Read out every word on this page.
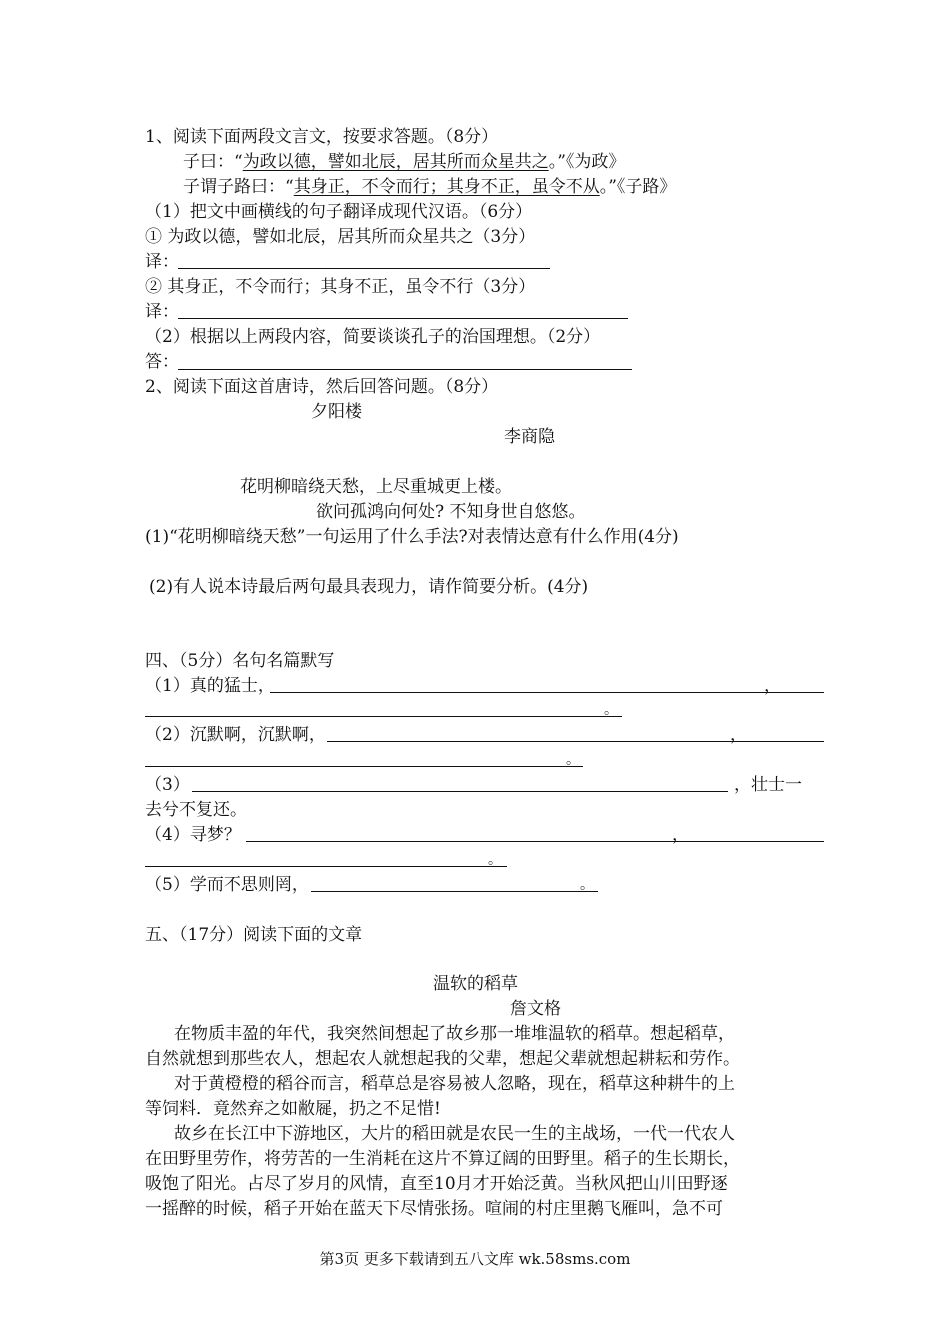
1、阅读下面两段文言文，按要求答题。（8分）
子曰：“为政以德，譬如北辰，居其所而众星共之。”《为政》
子谓子路曰：“其身正，不令而行；其身不正，虽令不从。”《子路》
（1）把文中画横线的句子翻译成现代汉语。（6分）
① 为政以德，譬如北辰，居其所而众星共之（3分）
译：
② 其身正，不令而行；其身不正，虽令不行（3分）
译：
（2）根据以上两段内容，简要谈谈孔子的治国理想。（2分）
答：
2、阅读下面这首唐诗，然后回答问题。（8分）
夕阳楼
李商隐
花明柳暗绕天愁，上尽重城更上楼。
欲问孤鸿向何处? 不知身世自悠悠。
(1)“花明柳暗绕天愁”一句运用了什么手法?对表情达意有什么作用(4分)
(2)有人说本诗最后两句最具表现力，请作简要分析。(4分)
四、（5分）名句名篇默写
（1）真的猛士，	，
。
（2）沉默啊，沉默啊，	，
。
（3）	，壮士一
去兮不复还。
（4）寻梦？	，
。
（5）学而不思则罔，	。
五、（17分）阅读下面的文章
温软的稻草
詹文格
在物质丰盈的年代，我突然间想起了故乡那一堆堆温软的稻草。想起稻草，
自然就想到那些农人，想起农人就想起我的父辈，想起父辈就想起耕耘和劳作。
对于黄橙橙的稻谷而言，稻草总是容易被人忽略，现在，稻草这种耕牛的上
等饲料．竟然弃之如敝屣，扔之不足惜!
故乡在长江中下游地区，大片的稻田就是农民一生的主战场，一代一代农人
在田野里劳作，将劳苦的一生消耗在这片不算辽阔的田野里。稻子的生长期长，
吸饱了阳光。占尽了岁月的风情，直至10月才开始泛黄。当秋风把山川田野逐
一摇醉的时候，稻子开始在蓝天下尽情张扬。喧闹的村庄里鹅飞雁叫，急不可
第3页 更多下载请到五八文库 wk.58sms.com
